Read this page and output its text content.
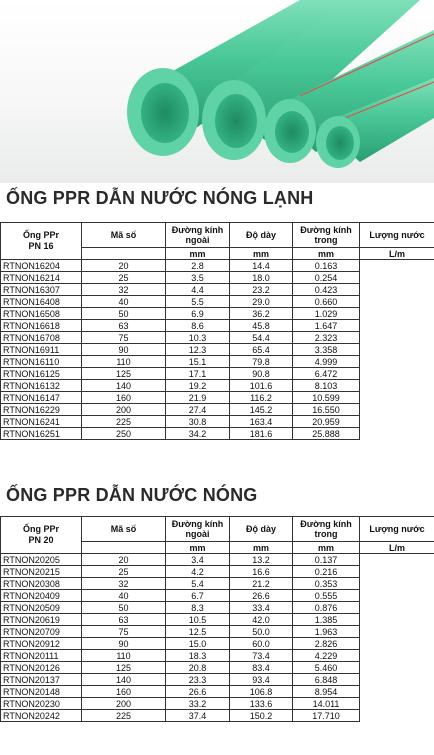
ỐNG PPR DẪN NƯỚC NÓNG LẠNH
Ống PPr
PN 16	Mã số	Đường kính ngoài	Độ dày	Đường kính trong	Lượng nước
		mm	mm	mm	L/m
RTNON16204	20	2.8	14.4	0.163	
RTNON16214	25	3.5	18.0	0.254	
RTNON16307	32	4.4	23.2	0.423	
RTNON16408	40	5.5	29.0	0.660	
RTNON16508	50	6.9	36.2	1.029	
RTNON16618	63	8.6	45.8	1.647	
RTNON16708	75	10.3	54.4	2.323	
RTNON16911	90	12.3	65.4	3.358	
RTNON16110	110	15.1	79.8	4.999	
RTNON16125	125	17.1	90.8	6.472	
RTNON16132	140	19.2	101.6	8.103	
RTNON16147	160	21.9	116.2	10.599	
RTNON16229	200	27.4	145.2	16.550	
RTNON16241	225	30.8	163.4	20.959	
RTNON16251	250	34.2	181.6	25.888	
ỐNG PPR DẪN NƯỚC NÓNG
Ống PPr
PN 20	Mã số	Đường kính ngoài	Độ dày	Đường kính trong	Lượng nước
		mm	mm	mm	L/m
RTNON20205	20	3.4	13.2	0.137	
RTNON20215	25	4.2	16.6	0.216	
RTNON20308	32	5.4	21.2	0.353	
RTNON20409	40	6.7	26.6	0.555	
RTNON20509	50	8.3	33.4	0.876	
RTNON20619	63	10.5	42.0	1.385	
RTNON20709	75	12.5	50.0	1.963	
RTNON20912	90	15.0	60.0	2.826	
RTNON20111	110	18.3	73.4	4.229	
RTNON20126	125	20.8	83.4	5.460	
RTNON20137	140	23.3	93.4	6.848	
RTNON20148	160	26.6	106.8	8.954	
RTNON20230	200	33.2	133.6	14.011	
RTNON20242	225	37.4	150.2	17.710	
